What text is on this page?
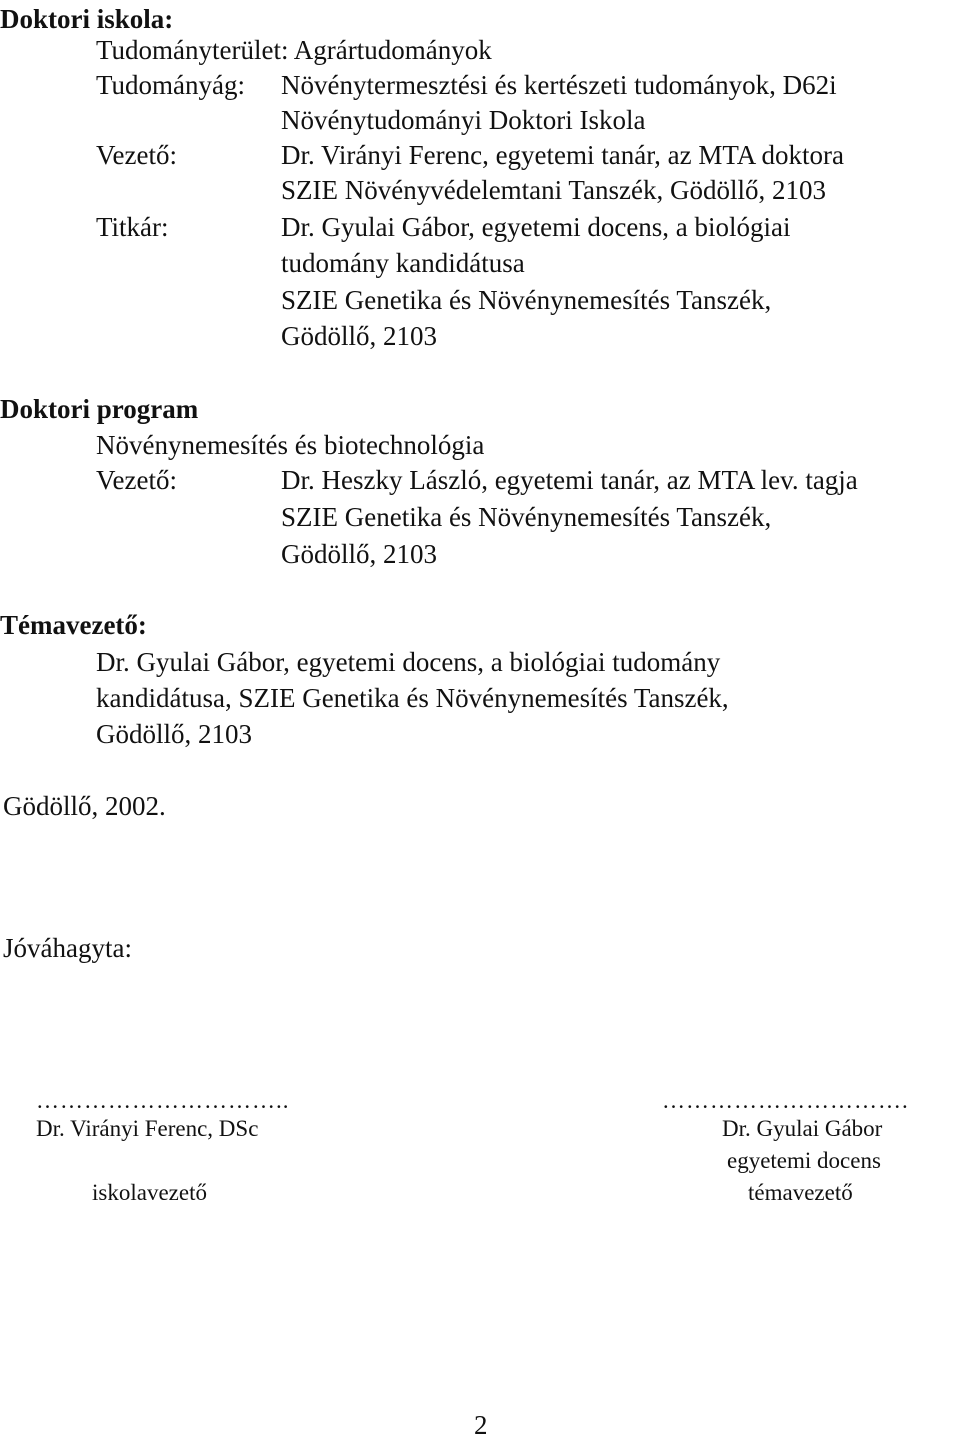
Doktori iskola:
Tudományterület: Agrártudományok
Tudományág: Növénytermesztési és kertészeti tudományok, D62i
Növénytudományi Doktori Iskola
Vezető:	Dr. Virányi Ferenc, egyetemi tanár, az MTA doktora
SZIE Növényvédelemtani Tanszék, Gödöllő, 2103
Titkár:	Dr. Gyulai Gábor, egyetemi docens, a biológiai
tudomány kandidátusa
SZIE Genetika és Növénynemesítés Tanszék,
Gödöllő, 2103
Doktori program
Növénynemesítés és biotechnológia
Vezető:	Dr. Heszky László, egyetemi tanár, az MTA lev. tagja
SZIE Genetika és Növénynemesítés Tanszék,
Gödöllő, 2103
Témavezető:
Dr. Gyulai Gábor, egyetemi docens, a biológiai tudomány
kandidátusa, SZIE Genetika és Növénynemesítés Tanszék,
Gödöllő, 2103
Gödöllő, 2002.
Jóváhagyta:
…………………………..
Dr. Virányi Ferenc, DSc
iskolavezető
………………………….
Dr. Gyulai Gábor
egyetemi docens
témavezető
2
